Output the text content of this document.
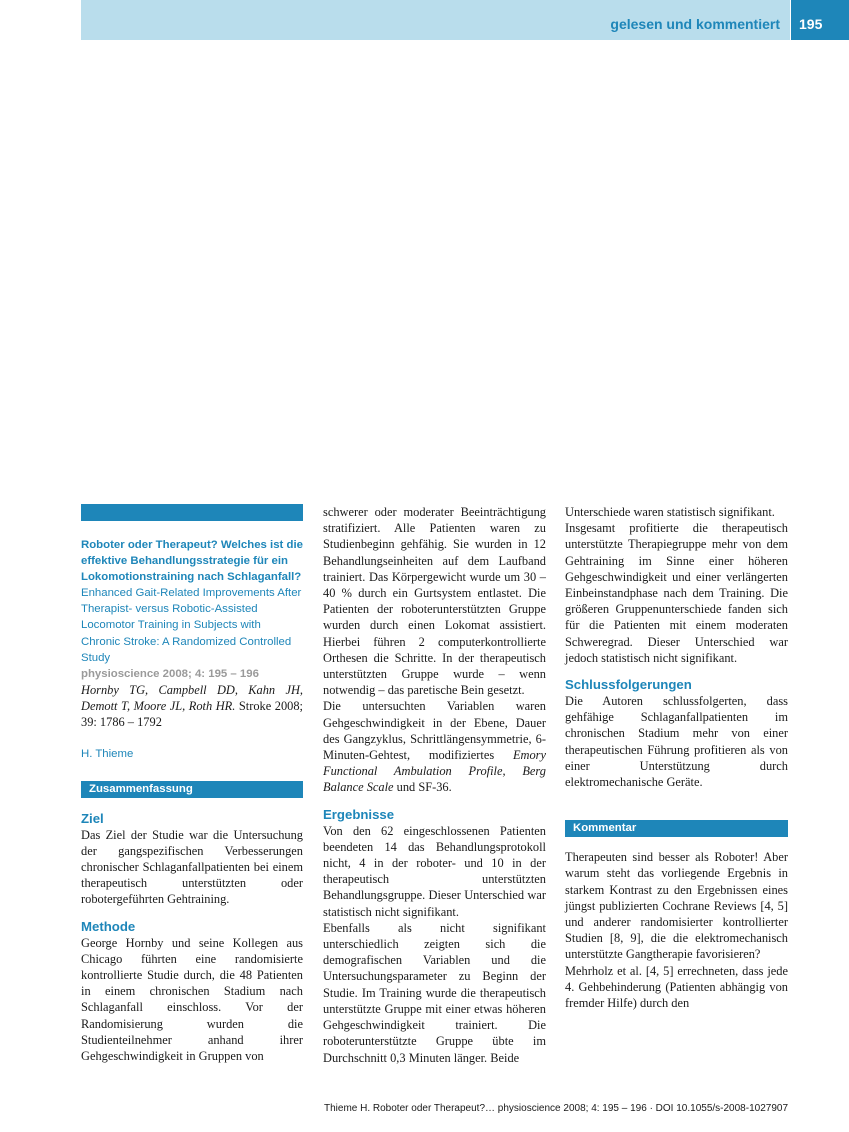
gelesen und kommentiert 195
Roboter oder Therapeut? Welches ist die effektive Behandlungsstrategie für ein Lokomotionstraining nach Schlaganfall?
Enhanced Gait-Related Improvements After Therapist- versus Robotic-Assisted Locomotor Training in Subjects with Chronic Stroke: A Randomized Controlled Study
physioscience 2008; 4: 195 – 196

Hornby TG, Campbell DD, Kahn JH, Demott T, Moore JL, Roth HR. Stroke 2008; 39: 1786 – 1792

H. Thieme
Zusammenfassung
Ziel

Das Ziel der Studie war die Untersuchung der gangspezifischen Verbesserungen chronischer Schlaganfallpatienten bei einem therapeutisch unterstützten oder robotergeführten Gehtraining.

Methode

George Hornby und seine Kollegen aus Chicago führten eine randomisierte kontrollierte Studie durch, die 48 Patienten in einem chronischen Stadium nach Schlaganfall einschloss. Vor der Randomisierung wurden die Studienteilnehmer anhand ihrer Gehgeschwindigkeit in Gruppen von

schwerer oder moderater Beeinträchtigung stratifiziert. Alle Patienten waren zu Studienbeginn gehfähig. Sie wurden in 12 Behandlungseinheiten auf dem Laufband trainiert. Das Körpergewicht wurde um 30 – 40 % durch ein Gurtsystem entlastet. Die Patienten der roboterunterstützten Gruppe wurden durch einen Lokomat assistiert. Hierbei führen 2 computerkontrollierte Orthesen die Schritte. In der therapeutisch unterstützten Gruppe wurde – wenn notwendig – das paretische Bein gesetzt.

Die untersuchten Variablen waren Gehgeschwindigkeit in der Ebene, Dauer des Gangzyklus, Schrittlängensymmetrie, 6-Minuten-Gehtest, modifiziertes Emory Functional Ambulation Profile, Berg Balance Scale und SF-36.

Ergebnisse

Von den 62 eingeschlossenen Patienten beendeten 14 das Behandlungsprotokoll nicht, 4 in der roboter- und 10 in der therapeutisch unterstützten Behandlungsgruppe. Dieser Unterschied war statistisch nicht signifikant.

Ebenfalls als nicht signifikant unterschiedlich zeigten sich die demografischen Variablen und die Untersuchungsparameter zu Beginn der Studie. Im Training wurde die therapeutisch unterstützte Gruppe mit einer etwas höheren Gehgeschwindigkeit trainiert. Die roboterunterstützte Gruppe übte im Durchschnitt 0,3 Minuten länger. Beide

Unterschiede waren statistisch signifikant.

Insgesamt profitierte die therapeutisch unterstützte Therapiegruppe mehr von dem Gehtraining im Sinne einer höheren Gehgeschwindigkeit und einer verlängerten Einbeinstandphase nach dem Training. Die größeren Gruppenunterschiede fanden sich für die Patienten mit einem moderaten Schweregrad. Dieser Unterschied war jedoch statistisch nicht signifikant.

Schlussfolgerungen

Die Autoren schlussfolgerten, dass gehfähige Schlaganfallpatienten im chronischen Stadium mehr von einer therapeutischen Führung profitieren als von einer Unterstützung durch elektromechanische Geräte.

Kommentar

Therapeuten sind besser als Roboter! Aber warum steht das vorliegende Ergebnis in starkem Kontrast zu den Ergebnissen eines jüngst publizierten Cochrane Reviews [4, 5] und anderer randomisierter kontrollierter Studien [8, 9], die die elektromechanisch unterstützte Gangtherapie favorisieren?

Mehrholz et al. [4, 5] errechneten, dass jede 4. Gehbehinderung (Patienten abhängig von fremder Hilfe) durch den

Thieme H. Roboter oder Therapeut?… physioscience 2008; 4: 195 – 196 · DOI 10.1055/s-2008-1027907
